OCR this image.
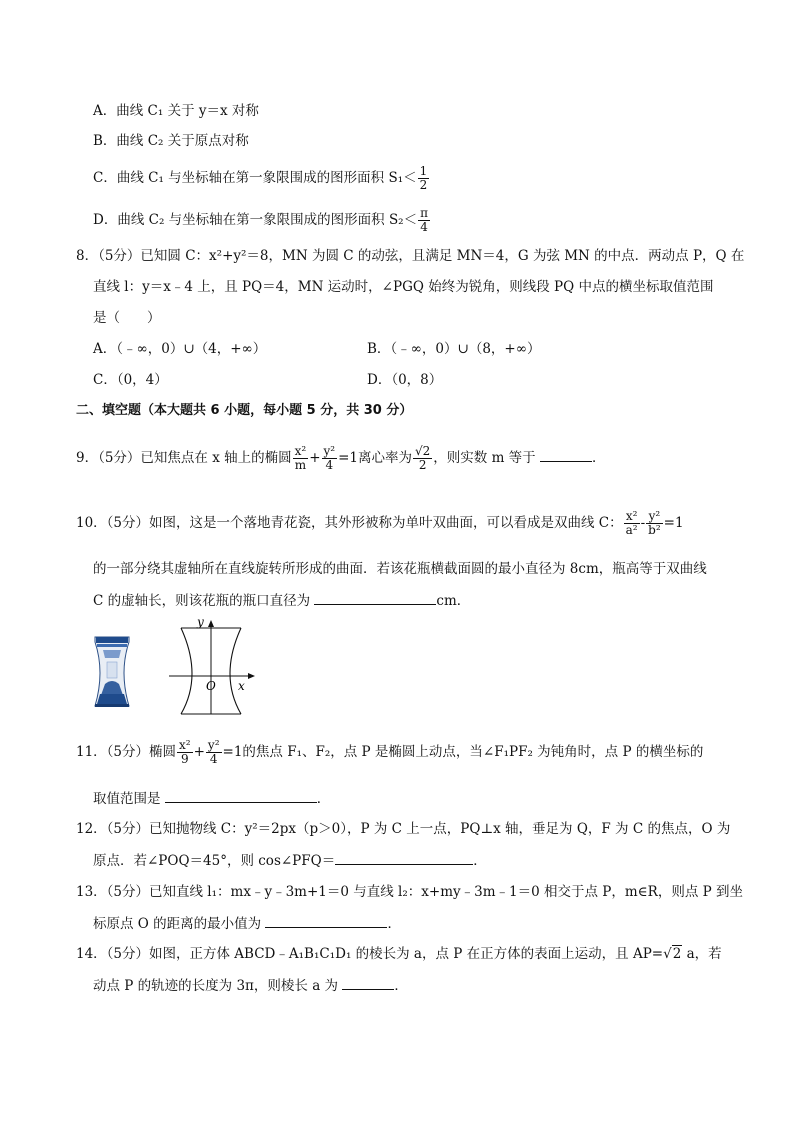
A．曲线 C₁ 关于 y＝x 对称
B．曲线 C₂ 关于原点对称
C．曲线 C₁ 与坐标轴在第一象限围成的图形面积 $S_1< \frac{1}{2}$
D．曲线 C₂ 与坐标轴在第一象限围成的图形面积 $S_2< \frac{\pi}{4}$
8．（5分）已知圆 C：x²+y²＝8，MN 为圆 C 的动弦，且满足 MN＝4，G 为弦 MN 的中点．两动点 P，Q 在
直线 l：y＝x﹣4 上，且 PQ＝4，MN 运动时，∠PGQ 始终为锐角，则线段 PQ 中点的横坐标取值范围
是（　　）
A．（﹣∞，0）∪（4，+∞）	B．（﹣∞，0）∪（8，+∞）
C．（0，4）	D．（0，8）
二、填空题（本大题共 6 小题，每小题 5 分，共 30 分）
9．（5分）已知焦点在 x 轴上的椭圆 $\frac{\text{x²}}{m} + \frac{\text{y²}}{4} =1$离心率为 $\frac{√2}{2}$ ，则实数 m 等于	．
10．（5分）如图，这是一个落地青花瓷，其外形被称为单叶双曲面，可以看成是双曲线 C： $\frac{\text{x²}}{\text{a²}} - \frac{\text{y²}}{\text{b²}} =1$
的一部分绕其虚轴所在直线旋转所形成的曲面．若该花瓶横截面圆的最小直径为 8cm，瓶高等于双曲线
C 的虚轴长，则该花瓶的瓶口直径为	cm．
y
O x
11．（5分）椭圆 $\frac{\text{x²}}{9} + \frac{\text{y²}}{4} =1$的焦点 F₁、F₂，点 P 是椭圆上动点，当∠F₁PF₂ 为钝角时，点 P 的横坐标的
取值范围是	．
12．（5分）已知抛物线 C：y²＝2px（p＞0），P 为 C 上一点，PQ⊥x 轴，垂足为 Q，F 为 C 的焦点，O 为
原点．若∠POQ＝45°，则 cos∠PFQ＝	．
13．（5分）已知直线 l₁：mx﹣y﹣3m+1＝0 与直线 l₂：x+my﹣3m﹣1＝0 相交于点 P，m∈R，则点 P 到坐
标原点 O 的距离的最小值为	．
14．（5分）如图，正方体 ABCD﹣A₁B₁C₁D₁ 的棱长为 a，点 P 在正方体的表面上运动，且 AP=√2 a，若
动点 P 的轨迹的长度为 3π，则棱长 a 为	．
